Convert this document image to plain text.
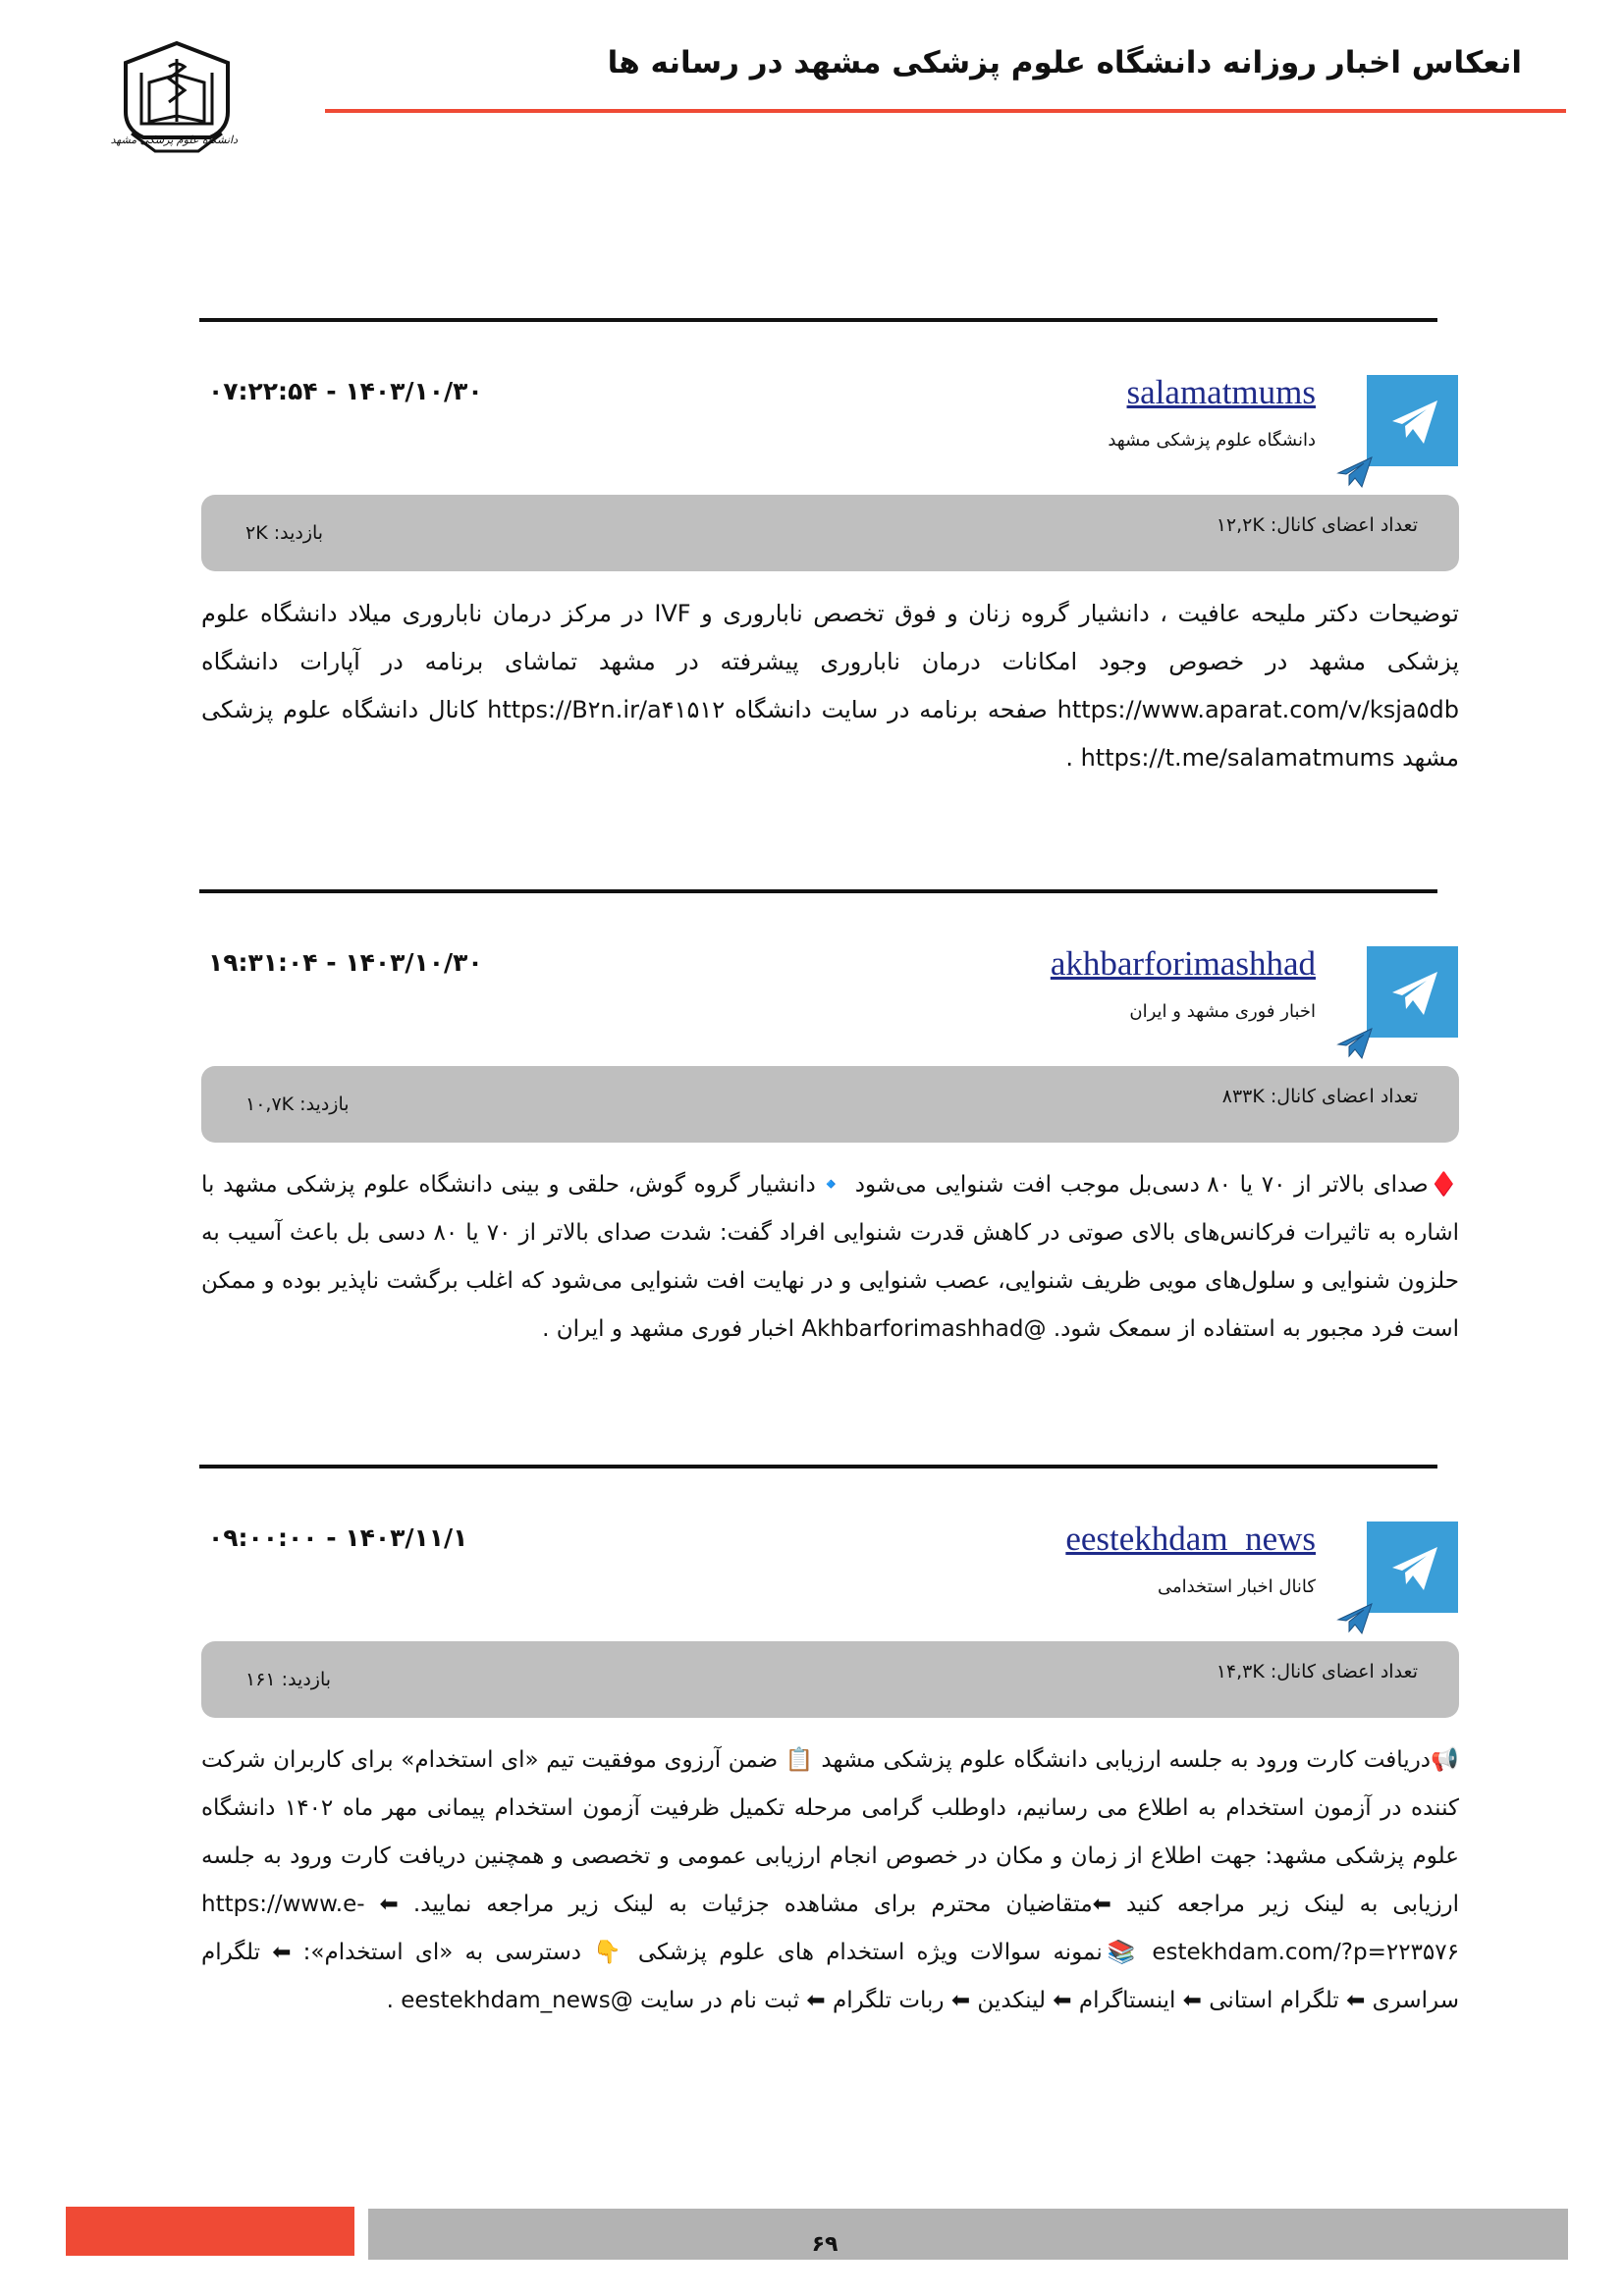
انعکاس اخبار روزانه دانشگاه علوم پزشکی مشهد در رسانه ها
دانشگاه علوم پزشکی مشهد
۱۴۰۳/۱۰/۳۰ - ۰۷:۲۲:۵۴	salamatmums
دانشگاه علوم پزشکی مشهد
تعداد اعضای کانال: ۱۲,۲K
بازدید: ۲K
توضیحات دکتر ملیحه عافیت ، دانشیار گروه زنان و فوق تخصص ناباروری و IVF در مرکز درمان ناباروری میلاد دانشگاه علوم پزشکی مشهد در خصوص وجود امکانات درمان ناباروری پیشرفته در مشهد تماشای برنامه در آپارات دانشگاه https://www.aparat.com/v/ksja۵db صفحه برنامه در سایت دانشگاه https://B۲n.ir/a۴۱۵۱۲ کانال دانشگاه علوم پزشکی مشهد https://t.me/salamatmums .
۱۴۰۳/۱۰/۳۰ - ۱۹:۳۱:۰۴	akhbarforimashhad
اخبار فوری مشهد و ایران
تعداد اعضای کانال: ۸۳۳K
بازدید: ۱۰,۷K
♦️صدای بالاتر از ۷۰ یا ۸۰ دسی‌بل موجب افت شنوایی می‌شود 🔹دانشیار گروه گوش، حلقی و بینی دانشگاه علوم پزشکی مشهد با اشاره به تاثیرات فرکانس‌های بالای صوتی در کاهش قدرت شنوایی افراد گفت: شدت صدای بالاتر از ۷۰ یا ۸۰ دسی بل باعث آسیب به حلزون شنوایی و سلول‌های مویی ظریف شنوایی، عصب شنوایی و در نهایت افت شنوایی می‌شود که اغلب برگشت ناپذیر بوده و ممکن است فرد مجبور به استفاده از سمعک شود. @Akhbarforimashhad اخبار فوری مشهد و ایران .
۱۴۰۳/۱۱/۱ - ۰۹:۰۰:۰۰	eestekhdam_news
کانال اخبار استخدامی
تعداد اعضای کانال: ۱۴,۳K
بازدید: ۱۶۱
📢دریافت کارت ورود به جلسه ارزیابی دانشگاه علوم پزشکی مشهد 📋 ضمن آرزوی موفقیت تیم «ای استخدام» برای کاربران شرکت کننده در آزمون استخدام به اطلاع می رسانیم، داوطلب گرامی مرحله تکمیل ظرفیت آزمون استخدام پیمانی مهر ماه ۱۴۰۲ دانشگاه علوم پزشکی مشهد: جهت اطلاع از زمان و مکان در خصوص انجام ارزیابی عمومی و تخصصی و همچنین دریافت کارت ورود به جلسه ارزیابی به لینک زیر مراجعه کنید ⬅متقاضیان محترم برای مشاهده جزئیات به لینک زیر مراجعه نمایید. ⬅ https://www.e-estekhdam.com/?p=۲۲۳۵۷۶ 📚نمونه سوالات ویژه استخدام های علوم پزشکی 👇 دسترسی به «ای استخدام»: ⬅ تلگرام سراسری ⬅ تلگرام استانی ⬅ اینستاگرام ⬅ لینکدین ⬅ ربات تلگرام ⬅ ثبت نام در سایت @eestekhdam_news .
۶۹
